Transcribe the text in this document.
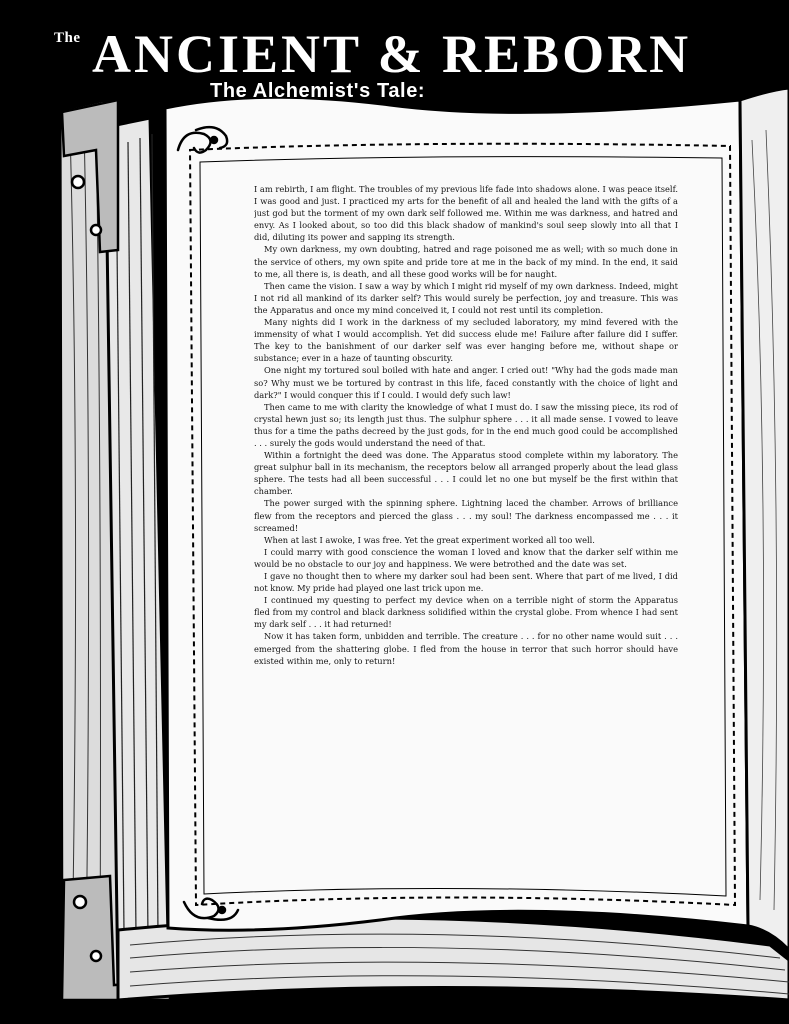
The ANCIENT & REBORN
The Alchemist's Tale:

I am rebirth, I am flight. The troubles of my previous life fade into shadows alone. I was peace itself. I was good and just. I practiced my arts for the benefit of all and healed the land with the gifts of a just god but the torment of my own dark self followed me. Within me was darkness, and hatred and envy. As I looked about, so too did this black shadow of mankind's soul seep slowly into all that I did, diluting its power and sapping its strength.

My own darkness, my own doubting, hatred and rage poisoned me as well; with so much done in the service of others, my own spite and pride tore at me in the back of my mind. In the end, it said to me, all there is, is death, and all these good works will be for naught.

Then came the vision. I saw a way by which I might rid myself of my own darkness. Indeed, might I not rid all mankind of its darker self? This would surely be perfection, joy and treasure. This was the Apparatus and once my mind conceived it, I could not rest until its completion.

Many nights did I work in the darkness of my secluded laboratory, my mind fevered with the immensity of what I would accomplish. Yet did success elude me! Failure after failure did I suffer. The key to the banishment of our darker self was ever hanging before me, without shape or substance; ever in a haze of taunting obscurity.

One night my tortured soul boiled with hate and anger. I cried out! "Why had the gods made man so? Why must we be tortured by contrast in this life, faced constantly with the choice of light and dark?" I would conquer this if I could. I would defy such law!

Then came to me with clarity the knowledge of what I must do. I saw the missing piece, its rod of crystal hewn just so; its length just thus. The sulphur sphere . . . it all made sense. I vowed to leave thus for a time the paths decreed by the just gods, for in the end much good could be accomplished . . . surely the gods would understand the need of that.

Within a fortnight the deed was done. The Apparatus stood complete within my laboratory. The great sulphur ball in its mechanism, the receptors below all arranged properly about the lead glass sphere. The tests had all been successful . . . I could let no one but myself be the first within that chamber.

The power surged with the spinning sphere. Lightning laced the chamber. Arrows of brilliance flew from the receptors and pierced the glass . . . my soul! The darkness encompassed me . . . it screamed!

When at last I awoke, I was free. Yet the great experiment worked all too well.

I could marry with good conscience the woman I loved and know that the darker self within me would be no obstacle to our joy and happiness. We were betrothed and the date was set.

I gave no thought then to where my darker soul had been sent. Where that part of me lived, I did not know. My pride had played one last trick upon me.

I continued my questing to perfect my device when on a terrible night of storm the Apparatus fled from my control and black darkness solidified within the crystal globe. From whence I had sent my dark self . . . it had returned!

Now it has taken form, unbidden and terrible. The creature . . . for no other name would suit . . . emerged from the shattering globe. I fled from the house in terror that such horror should have existed within me, only to return!
